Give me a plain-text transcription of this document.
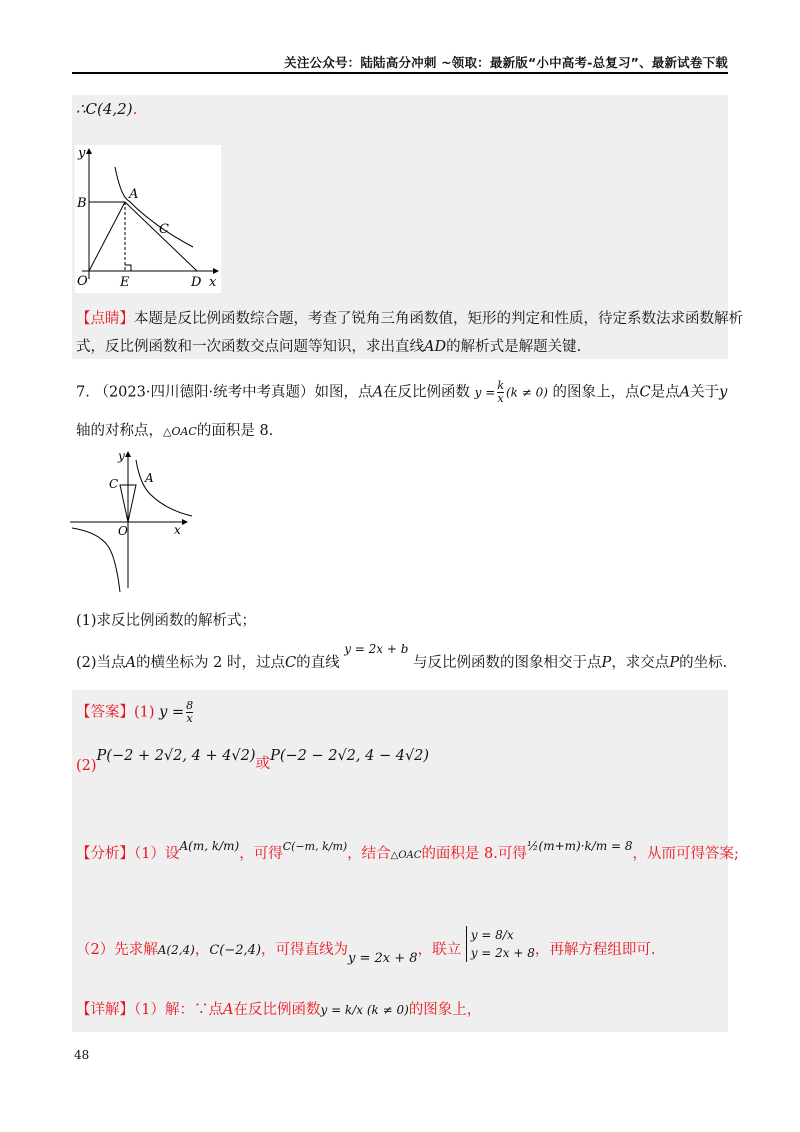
关注公众号：陆陆高分冲刺 ~领取：最新版“小中高考-总复习”、最新试卷下载
∴C(4,2).
y
B
A
C
O E	D x
【点睛】本题是反比例函数综合题，考查了锐角三角函数值，矩形的判定和性质，待定系数法求函数解析
式，反比例函数和一次函数交点问题等知识，求出直线AD的解析式是解题关键.
7. （2023·四川德阳·统考中考真题）如图，点A在反比例函数 $y = \frac{k}{x} (k \ne 0)$ 的图象上，点C是点A关于y
轴的对称点，△OAC的面积是 8.
y
C A
O	x
(1)求反比例函数的解析式；
(2)当点A的横坐标为 2 时，过点C的直线 $^{y = 2x + b}$ 与反比例函数的图象相交于点P，求交点P的坐标.
【答案】(1) $y = \frac{8}{x}$
(2)P(−2 + 2√2, 4 + 4√2)或P(−2 − 2√2, 4 − 4√2)
【分析】（1）设$^{A(m, k/m)}$，可得$^{C(-m, k/m)}$，结合△OAC的面积是 8.可得$^{\frac{1}{2}(m+m)\cdot k/m = 8}$，从而可得答案;
（2）先求解A(2,4)，C(−2,4)，可得直线为y = 2x + 8，联立
y = 8/x
y = 2x + 8 ，再解方程组即可.
【详解】（1）解：∵点A在反比例函数y = k/x (k ≠ 0)的图象上，
48
